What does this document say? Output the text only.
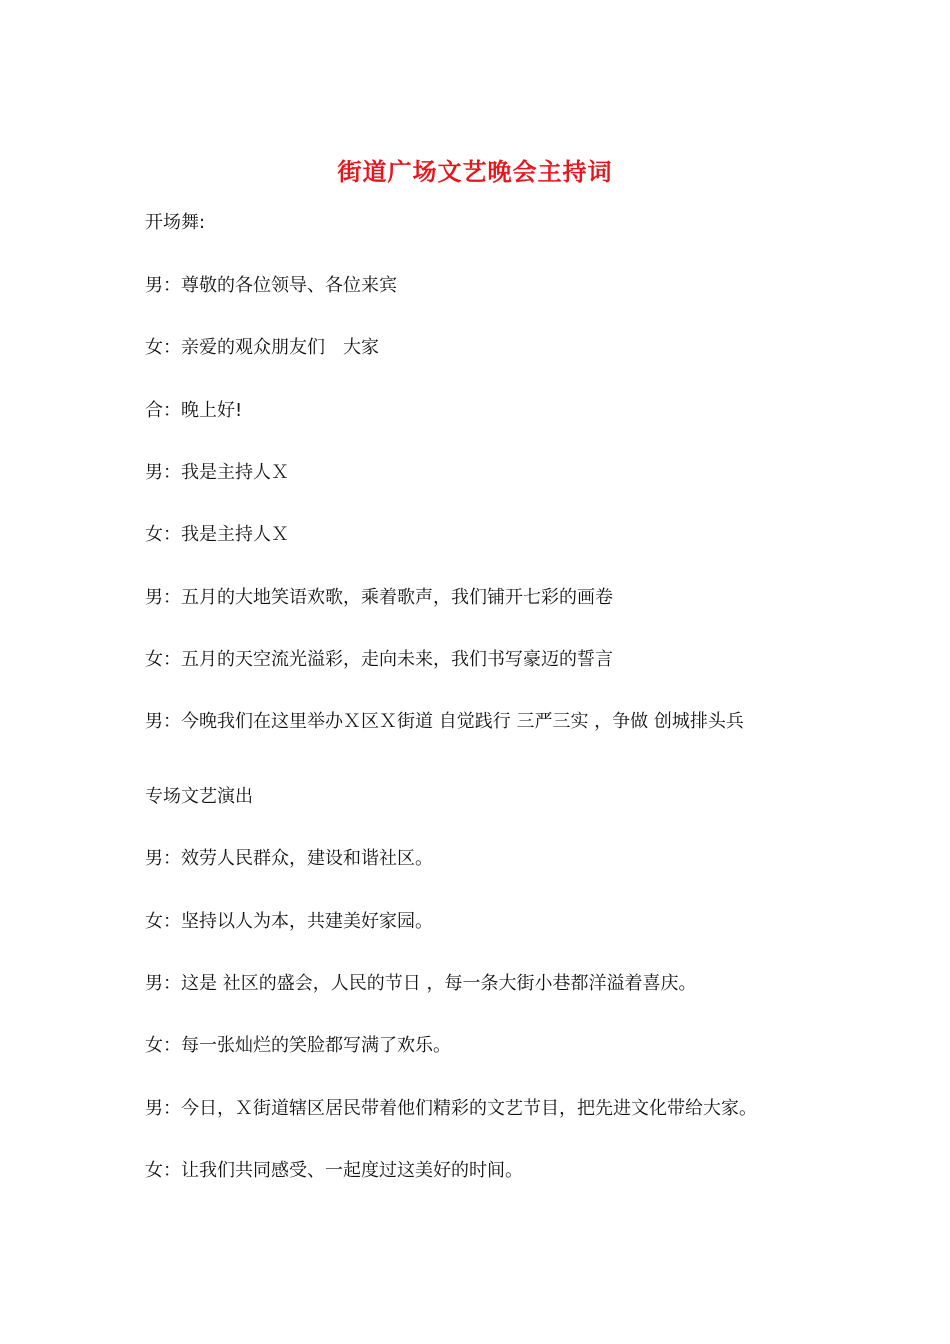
街道广场文艺晚会主持词
开场舞:
男：尊敬的各位领导、各位来宾
女：亲爱的观众朋友们　大家
合：晚上好!
男：我是主持人Ｘ
女：我是主持人Ｘ
男：五月的大地笑语欢歌，乘着歌声，我们铺开七彩的画卷
女：五月的天空流光溢彩，走向未来，我们书写豪迈的誓言
男：今晚我们在这里举办Ｘ区Ｘ街道 自觉践行 三严三实 ，争做 创城排头兵
专场文艺演出
男：效劳人民群众，建设和谐社区。
女：坚持以人为本，共建美好家园。
男：这是 社区的盛会，人民的节日 ，每一条大街小巷都洋溢着喜庆。
女：每一张灿烂的笑脸都写满了欢乐。
男：今日，Ｘ街道辖区居民带着他们精彩的文艺节目，把先进文化带给大家。
女：让我们共同感受、一起度过这美好的时间。
